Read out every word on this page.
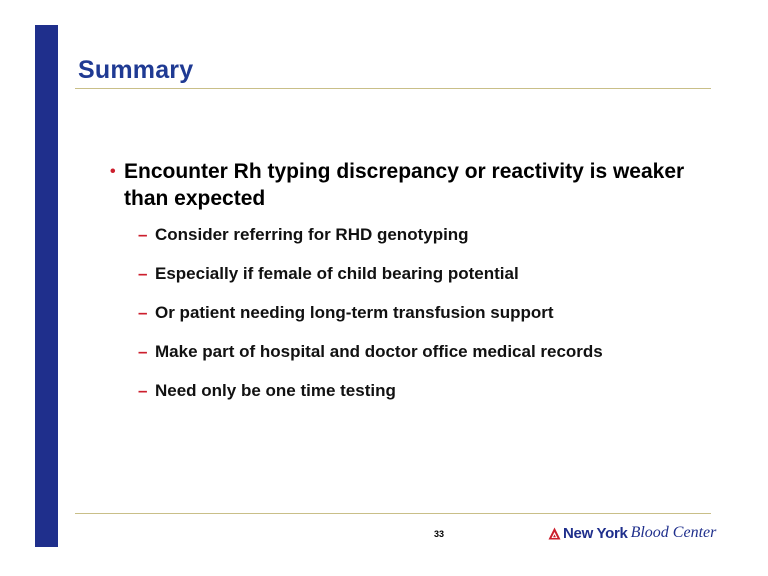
Summary
• Encounter Rh typing discrepancy or reactivity is weaker than expected
– Consider referring for RHD genotyping
– Especially if female of child bearing potential
– Or patient needing long-term transfusion support
– Make part of hospital and doctor office medical records
– Need only be one time testing
33	New York Blood Center
